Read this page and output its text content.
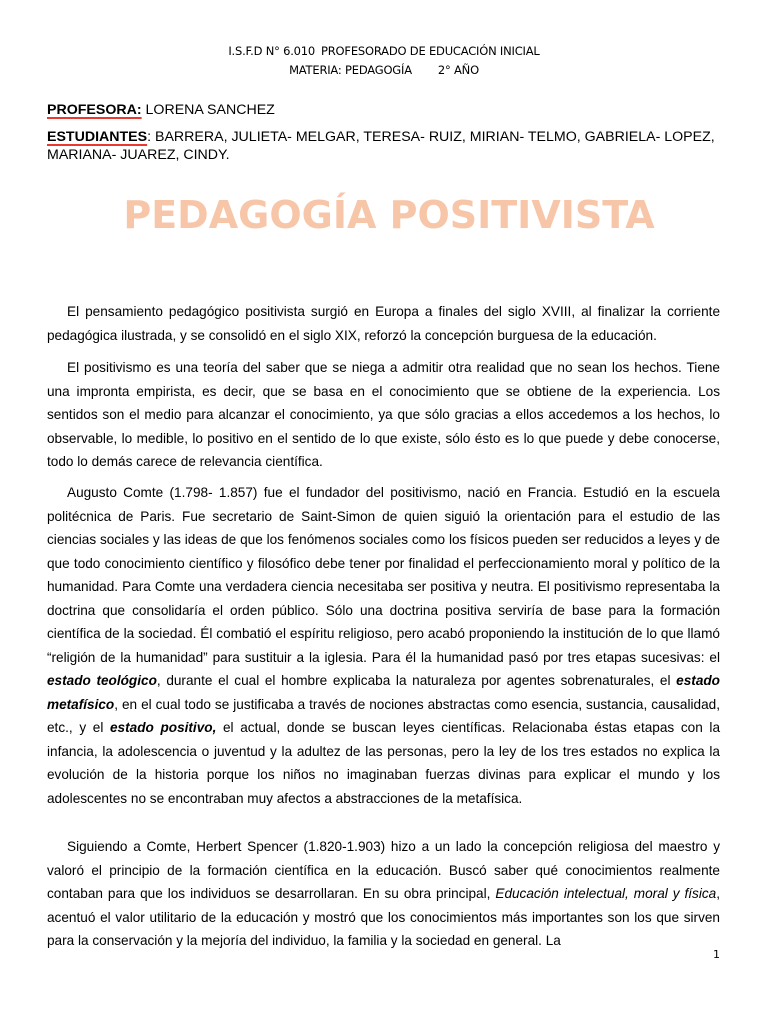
I.S.F.D N° 6.010 PROFESORADO DE EDUCACIÓN INICIAL
MATERIA: PEDAGOGÍA 2° AÑO
PROFESORA: LORENA SANCHEZ
ESTUDIANTES: BARRERA, JULIETA- MELGAR, TERESA- RUIZ, MIRIAN- TELMO, GABRIELA- LOPEZ, MARIANA- JUAREZ, CINDY.
PEDAGOGÍA POSITIVISTA

El pensamiento pedagógico positivista surgió en Europa a finales del siglo XVIII, al finalizar la corriente pedagógica ilustrada, y se consolidó en el siglo XIX, reforzó la concepción burguesa de la educación.

El positivismo es una teoría del saber que se niega a admitir otra realidad que no sean los hechos. Tiene una impronta empirista, es decir, que se basa en el conocimiento que se obtiene de la experiencia. Los sentidos son el medio para alcanzar el conocimiento, ya que sólo gracias a ellos accedemos a los hechos, lo observable, lo medible, lo positivo en el sentido de lo que existe, sólo ésto es lo que puede y debe conocerse, todo lo demás carece de relevancia científica.

Augusto Comte (1.798- 1.857) fue el fundador del positivismo, nació en Francia. Estudió en la escuela politécnica de Paris. Fue secretario de Saint-Simon de quien siguió la orientación para el estudio de las ciencias sociales y las ideas de que los fenómenos sociales como los físicos pueden ser reducidos a leyes y de que todo conocimiento científico y filosófico debe tener por finalidad el perfeccionamiento moral y político de la humanidad. Para Comte una verdadera ciencia necesitaba ser positiva y neutra. El positivismo representaba la doctrina que consolidaría el orden público. Sólo una doctrina positiva serviría de base para la formación científica de la sociedad. Él combatió el espíritu religioso, pero acabó proponiendo la institución de lo que llamó “religión de la humanidad” para sustituir a la iglesia. Para él la humanidad pasó por tres etapas sucesivas: el estado teológico, durante el cual el hombre explicaba la naturaleza por agentes sobrenaturales, el estado metafísico, en el cual todo se justificaba a través de nociones abstractas como esencia, sustancia, causalidad, etc., y el estado positivo, el actual, donde se buscan leyes científicas. Relacionaba éstas etapas con la infancia, la adolescencia o juventud y la adultez de las personas, pero la ley de los tres estados no explica la evolución de la historia porque los niños no imaginaban fuerzas divinas para explicar el mundo y los adolescentes no se encontraban muy afectos a abstracciones de la metafísica.

Siguiendo a Comte, Herbert Spencer (1.820-1.903) hizo a un lado la concepción religiosa del maestro y valoró el principio de la formación científica en la educación. Buscó saber qué conocimientos realmente contaban para que los individuos se desarrollaran. En su obra principal, Educación intelectual, moral y física, acentuó el valor utilitario de la educación y mostró que los conocimientos más importantes son los que sirven para la conservación y la mejoría del individuo, la familia y la sociedad en general. La

1
